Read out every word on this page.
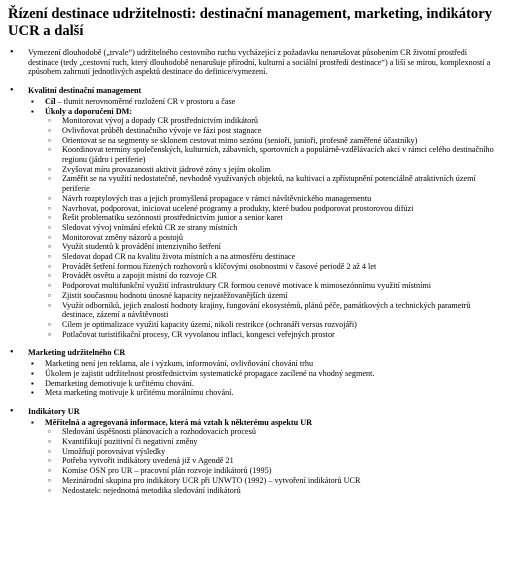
Řízení destinace udržitelnosti: destinační management, marketing, indikátory UCR a další
• Vymezení dlouhodobě („trvale“) udržitelného cestovního ruchu vycházející z požadavku nenarušovat působením CR životní prostředí destinace (tedy „cestovní ruch, který dlouhodobě nenarušuje přírodní, kulturní a sociální prostředí destinace“) a liší se mírou, komplexností a způsobem zahrnutí jednotlivých aspektů destinace do definice/vymezení.
• Kvalitní destinační management
▪ Cíl – tlumit nerovnoměrné rozložení CR v prostoru a čase
▪ Úkoly a doporučení DM:
▫ Monitorovat vývoj a dopady CR prostřednictvím indikátorů
▫ Ovlivňovat průběh destinačního vývoje ve fázi post stagnace
▫ Orientovat se na segmenty se sklonem cestovat mimo sezónu (senioři, junioři, profesně zaměřené účastníky)
▫ Koordinovat termíny společenských, kulturních, zábavních, sportovních a populárně-vzdělávacích akcí v rámci celého destinačního regionu (jádro i periferie)
▫ Zvyšovat míru provazanosti aktivit jádrové zóny s jejím okolím
▫ Zaměřit se na využití nedostatečně, nevhodně využívaných objektů, na kultivaci a zpřístupnění potenciálně atraktivních území periferie
▫ Návrh rozptylových tras a jejich promyšlená propagace v rámci návštěvnického managementu
▫ Navrhovat, podporovat, iniciovat ucelené programy a produkty, které budou podporovat prostorovou difúzi
▫ Řešit problematiku sezónnosti prostřednictvím junior a senior karet
▫ Sledovat vývoj vnímání efektů CR ze strany místních
▫ Monitorovat změny názorů a postojů
▫ Využít studentů k provádění intenzivního šetření
▫ Sledovat dopad CR na kvalitu života místních a na atmosféru destinace
▫ Provádět šetření formou řízených rozhovorů s klíčovými osobnostmi v časové periodě 2 až 4 let
▫ Provádět osvětu a zapojit místní do rozvoje CR
▫ Podporovat multifunkční využití infrastruktury CR formou cenové motivace k mimosezónnímu využití místními
▫ Zjistit současnou hodnotu únosné kapacity nejzatěžovanějších území
▫ Využít odborníků, jejich znalostí hodnoty krajiny, fungování ekosystémů, plánů péče, památkových a technických parametrů destinace, zázemí a návštěvnosti
▫ Cílem je optimalizace využití kapacity území, nikoli restrikce (ochranáři versus rozvojáři)
▫ Potlačovat turistifikační procesy, CR vyvolanou inflaci, kongesci veřejných prostor
• Marketing udržitelného CR
▪ Marketing není jen reklama, ale i výzkum, informování, ovlivňování chování trhu
▪ Úkolem je zajistit udržitelnost prostřednictvím systematické propagace zacílené na vhodný segment.
▪ Demarketing demotivuje k určitému chování.
▪ Meta marketing motivuje k určitému morálnímu chování.
• Indikátory UR
▪ Měřitelná a agregovaná informace, která má vztah k některému aspektu UR
▫ Sledování úspěšnosti plánovacích a rozhodovacích procesů
▫ Kvantifikují pozitivní či negativní změny
▫ Umožňují porovnávat výsledky
▫ Potřeba vytvořit indikátory uvedená již v Agendě 21
▫ Komise OSN pro UR – pracovní plán rozvoje indikátorů (1995)
▫ Mezinárodní skupina pro indikátory UCR při UNWTO (1992) – vytvoření indikátorů UCR
▫ Nedostatek: nejednotná metodika sledování indikátorů
